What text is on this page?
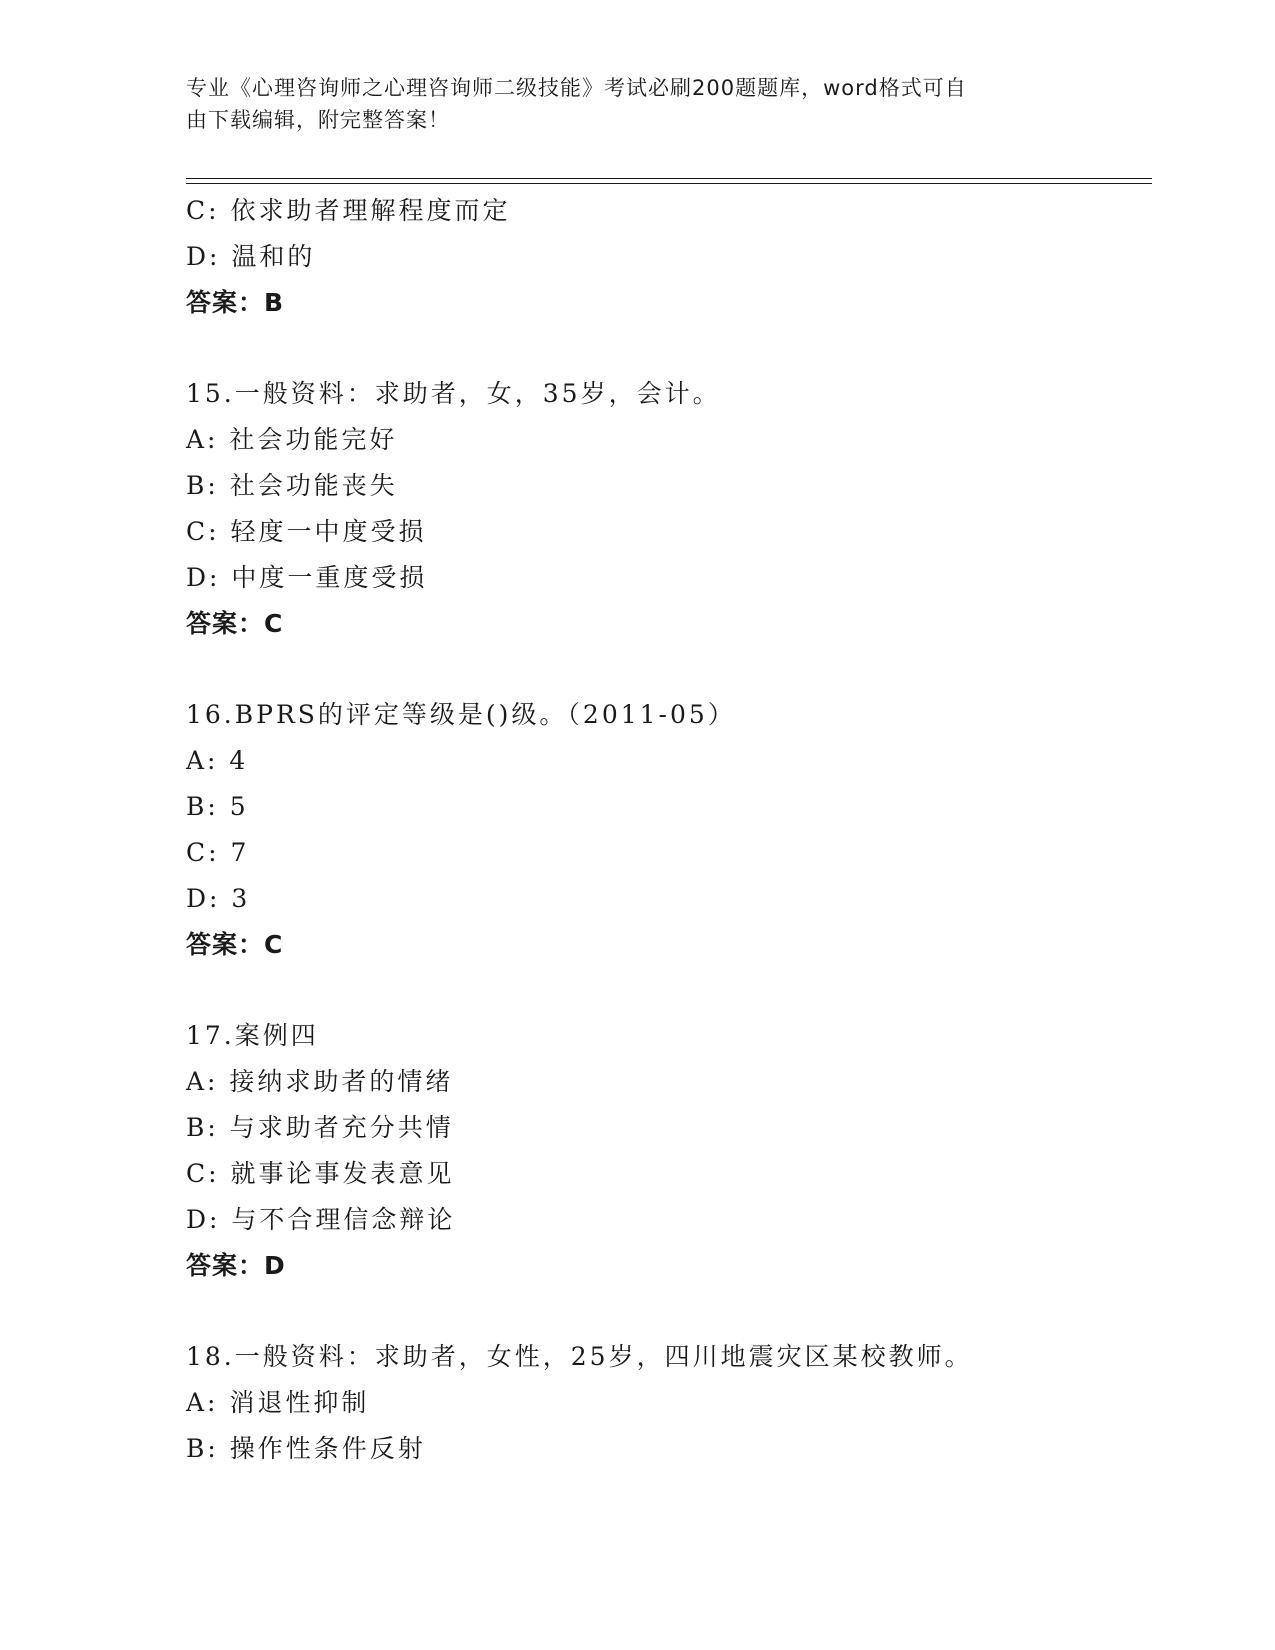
专业《心理咨询师之心理咨询师二级技能》考试必刷200题题库，word格式可自
由下载编辑，附完整答案！
C: 依求助者理解程度而定
D: 温和的
答案：B
15.一般资料：求助者，女，35岁，会计。
A: 社会功能完好
B: 社会功能丧失
C: 轻度一中度受损
D: 中度一重度受损
答案：C
16.BPRS的评定等级是()级。（2011-05）
A: 4
B: 5
C: 7
D: 3
答案：C
17.案例四
A: 接纳求助者的情绪
B: 与求助者充分共情
C: 就事论事发表意见
D: 与不合理信念辩论
答案：D
18.一般资料：求助者，女性，25岁，四川地震灾区某校教师。
A: 消退性抑制
B: 操作性条件反射
